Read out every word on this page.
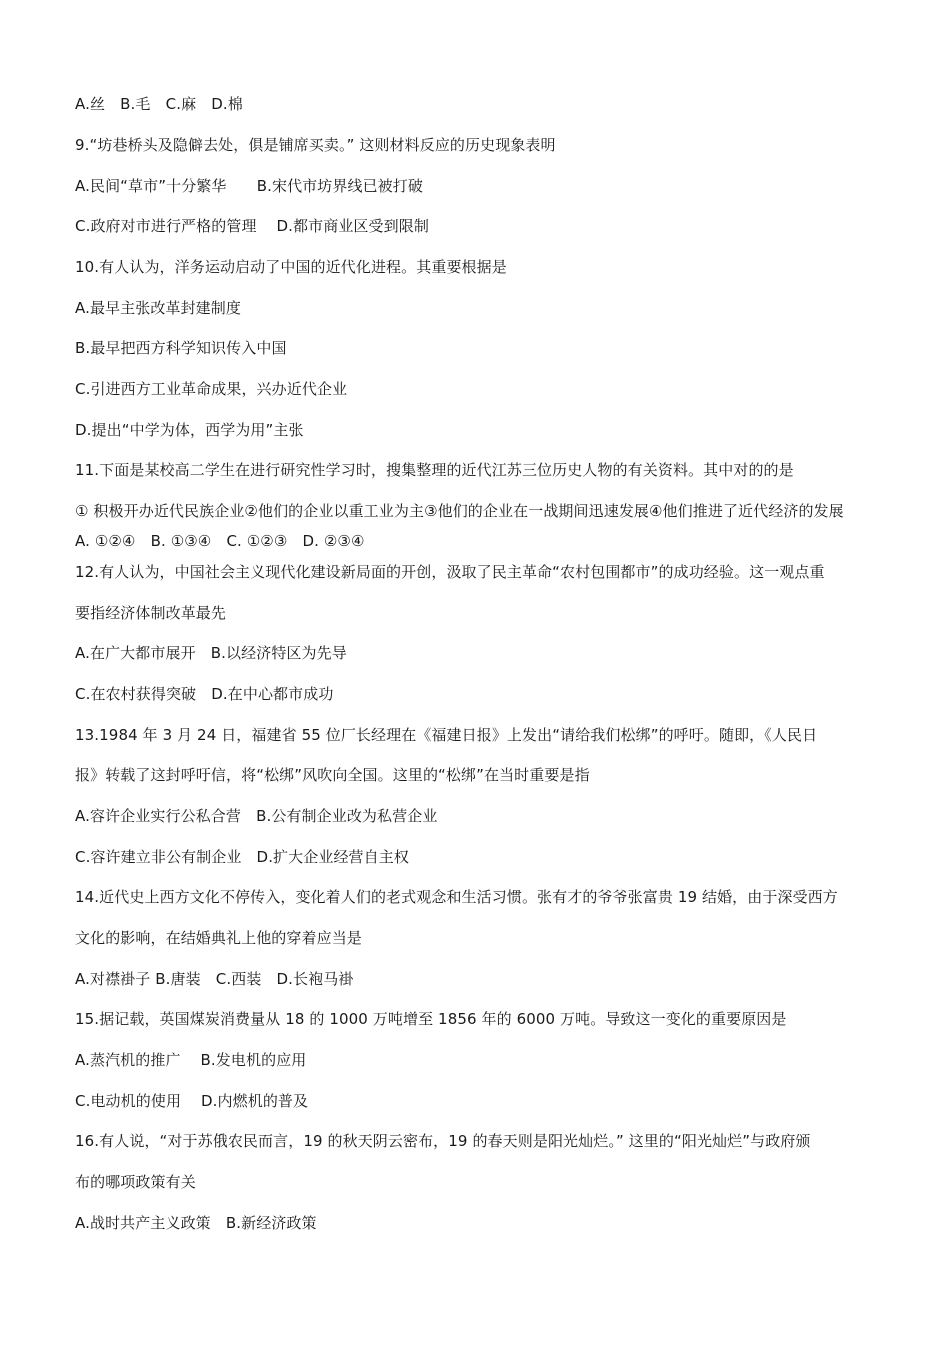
A.丝　B.毛　C.麻　D.棉
9.“坊巷桥头及隐僻去处，俱是铺席买卖。” 这则材料反应的历史现象表明
A.民间“草市”十分繁华　　B.宋代市坊界线已被打破
C.政府对市进行严格的管理　 D.都市商业区受到限制
10.有人认为，洋务运动启动了中国的近代化进程。其重要根据是
A.最早主张改革封建制度
B.最早把西方科学知识传入中国
C.引进西方工业革命成果，兴办近代企业
D.提出“中学为体，西学为用”主张
11.下面是某校高二学生在进行研究性学习时，搜集整理的近代江苏三位历史人物的有关资料。其中对的的是
① 积极开办近代民族企业②他们的企业以重工业为主③他们的企业在一战期间迅速发展④他们推进了近代经济的发展
A. ①②④　B. ①③④　C. ①②③　D. ②③④
12.有人认为，中国社会主义现代化建设新局面的开创，汲取了民主革命“农村包围都市”的成功经验。这一观点重
要指经济体制改革最先
A.在广大都市展开　B.以经济特区为先导
C.在农村获得突破　D.在中心都市成功
13.1984 年 3 月 24 日，福建省 55 位厂长经理在《福建日报》上发出“请给我们松绑”的呼吁。随即，《人民日
报》转载了这封呼吁信，将“松绑”风吹向全国。这里的“松绑”在当时重要是指
A.容许企业实行公私合营　B.公有制企业改为私营企业
C.容许建立非公有制企业　D.扩大企业经营自主权
14.近代史上西方文化不停传入，变化着人们的老式观念和生活习惯。张有才的爷爷张富贵 19 结婚，由于深受西方
文化的影响，在结婚典礼上他的穿着应当是
A.对襟褂子 B.唐装　C.西装　D.长袍马褂
15.据记载，英国煤炭消费量从 18 的 1000 万吨增至 1856 年的 6000 万吨。导致这一变化的重要原因是
A.蒸汽机的推广　 B.发电机的应用
C.电动机的使用　 D.内燃机的普及
16.有人说，“对于苏俄农民而言，19 的秋天阴云密布，19 的春天则是阳光灿烂。” 这里的“阳光灿烂”与政府颁
布的哪项政策有关
A.战时共产主义政策　B.新经济政策
